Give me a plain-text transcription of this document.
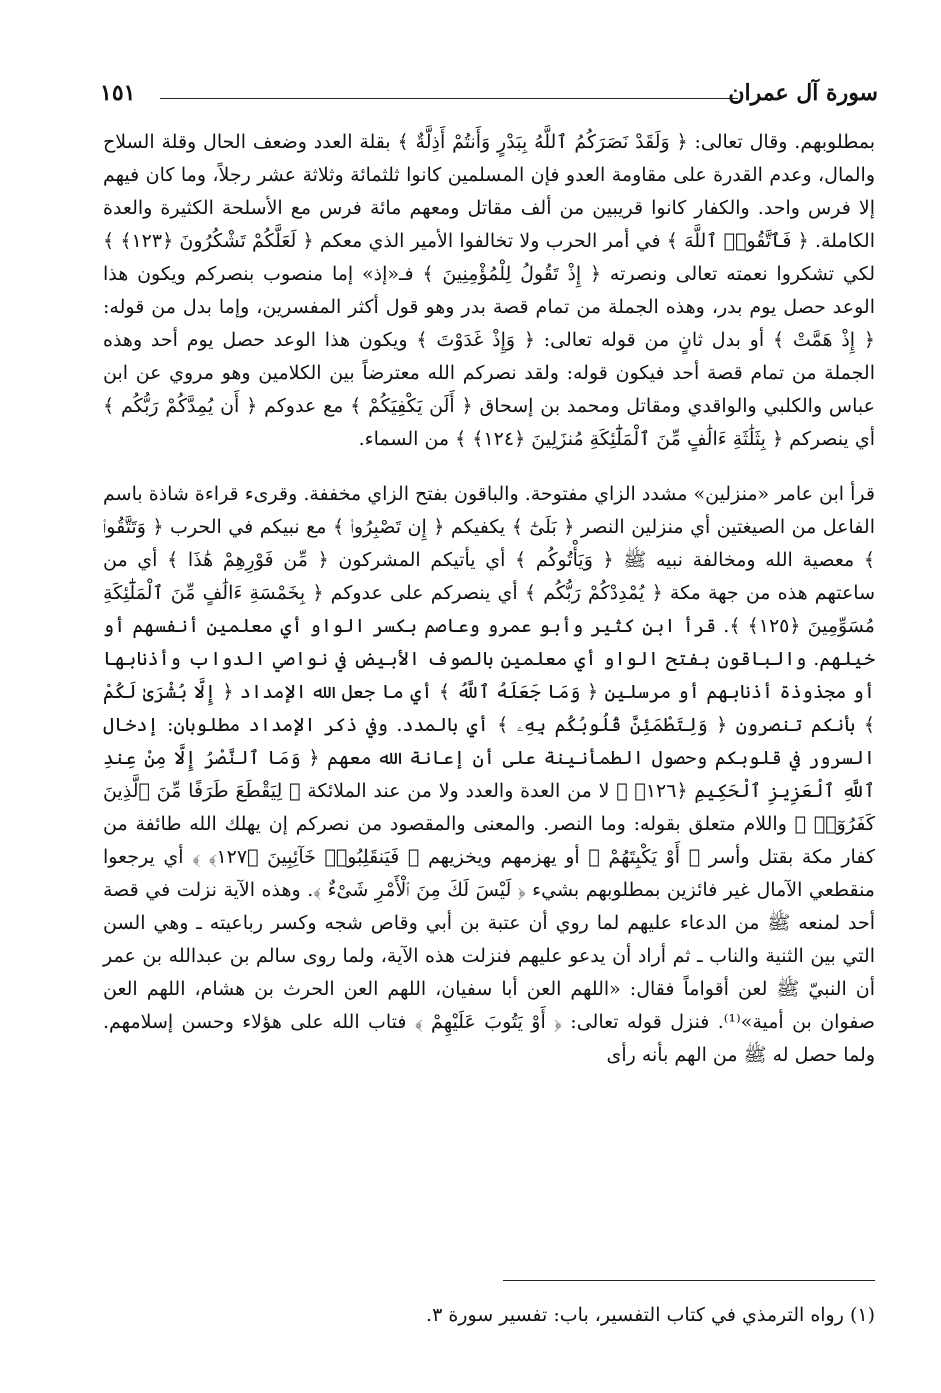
سورة آل عمران
١٥١

بمطلوبهم. وقال تعالى: ﴿ وَلَقَدْ نَصَرَكُمُ ٱللَّهُ بِبَدْرٍ وَأَنتُمْ أَذِلَّةٌ ﴾ بقلة العدد وضعف الحال وقلة السلاح والمال، وعدم القدرة على مقاومة العدو فإن المسلمين كانوا ثلثمائة وثلاثة عشر رجلاً، وما كان فيهم إلا فرس واحد. والكفار كانوا قريبين من ألف مقاتل ومعهم مائة فرس مع الأسلحة الكثيرة والعدة الكاملة. ﴿ فَٱتَّقُوا۟ ٱللَّهَ ﴾ في أمر الحرب ولا تخالفوا الأمير الذي معكم ﴿ لَعَلَّكُمْ تَشْكُرُونَ ﴿١٢٣﴾ ﴾ لكي تشكروا نعمته تعالى ونصرته ﴿ إِذْ تَقُولُ لِلْمُؤْمِنِينَ ﴾ فـ«إذ» إما منصوب بنصركم ويكون هذا الوعد حصل يوم بدر، وهذه الجملة من تمام قصة بدر وهو قول أكثر المفسرين، وإما بدل من قوله: ﴿ إِذْ هَمَّتْ ﴾ أو بدل ثانٍ من قوله تعالى: ﴿ وَإِذْ غَدَوْتَ ﴾ ويكون هذا الوعد حصل يوم أحد وهذه الجملة من تمام قصة أحد فيكون قوله: ولقد نصركم الله معترضاً بين الكلامين وهو مروي عن ابن عباس والكلبي والواقدي ومقاتل ومحمد بن إسحاق ﴿ أَلَن يَكْفِيَكُمْ ﴾ مع عدوكم ﴿ أَن يُمِدَّكُمْ رَبُّكُم ﴾ أي ينصركم ﴿ بِثَلَٰثَةِ ءَالَٰفٍ مِّنَ ٱلْمَلَٰٓئِكَةِ مُنزَلِينَ ﴿١٢٤﴾ ﴾ من السماء.

قرأ ابن عامر «منزلين» مشدد الزاي مفتوحة. والباقون بفتح الزاي مخففة. وقرىء قراءة شاذة باسم الفاعل من الصيغتين أي منزلين النصر ﴿ بَلَىٰٓ ﴾ يكفيكم ﴿ إِن تَصْبِرُوا۟ ﴾ مع نبيكم في الحرب ﴿ وَتَتَّقُوا۟ ﴾ معصية الله ومخالفة نبيه ﷺ ﴿ وَيَأْتُوكُم ﴾ أي يأتيكم المشركون ﴿ مِّن فَوْرِهِمْ هَٰذَا ﴾ أي من ساعتهم هذه من جهة مكة ﴿ يُمْدِدْكُمْ رَبُّكُم ﴾ أي ينصركم على عدوكم ﴿ بِخَمْسَةِ ءَالَٰفٍ مِّنَ ٱلْمَلَٰٓئِكَةِ مُسَوِّمِينَ ﴿١٢٥﴾ ﴾. قرأ ابن كثير وأبو عمرو وعاصم بكسر الواو أي معلمين أنفسهم أو خيلهم. والباقون بفتح الواو أي معلمين بالصوف الأبيض في نواصي الدواب وأذنابها أو مجذوذة أذنابهم أو مرسلين ﴿ وَمَا جَعَلَهُ ٱللَّهُ ﴾ أي ما جعل الله الإمداد ﴿ إِلَّا بُشْرَىٰ لَكُمْ ﴾ بأنكم تنصرون ﴿ وَلِتَطْمَئِنَّ قُلُوبُكُم بِهِۦ ﴾ أي بالمدد. وفي ذكر الإمداد مطلوبان: إدخال السرور في قلوبكم وحصول الطمأنينة على أن إعانة الله معهم ﴿ وَمَا ٱلنَّصْرُ إِلَّا مِنْ عِندِ ٱللَّهِ ٱلْعَزِيزِ ٱلْحَكِيمِ ﴿١٢٦﴾ ﴾ لا من العدة والعدد ولا من عند الملائكة ﴿ لِيَقْطَعَ طَرَفًا مِّنَ ٱلَّذِينَ كَفَرُوٓا۟ ﴾ واللام متعلق بقوله: وما النصر. والمعنى والمقصود من نصركم إن يهلك الله طائفة من كفار مكة بقتل وأسر ﴿ أَوْ يَكْبِتَهُمْ ﴾ أو يهزمهم ويخزيهم ﴿ فَيَنقَلِبُوا۟ خَآئِبِينَ ﴿١٢٧﴾ ﴾ أي يرجعوا منقطعي الآمال غير فائزين بمطلوبهم بشيء ﴿ لَيْسَ لَكَ مِنَ ٱلْأَمْرِ شَىْءٌ ﴾. وهذه الآية نزلت في قصة أحد لمنعه ﷺ من الدعاء عليهم لما روي أن عتبة بن أبي وقاص شجه وكسر رباعيته ـ وهي السن التي بين الثنية والناب ـ ثم أراد أن يدعو عليهم فنزلت هذه الآية، ولما روى سالم بن عبدالله بن عمر أن النبيّ ﷺ لعن أقواماً فقال: «اللهم العن أبا سفيان، اللهم العن الحرث بن هشام، اللهم العن صفوان بن أمية»⁽¹⁾. فنزل قوله تعالى: ﴿ أَوْ يَتُوبَ عَلَيْهِمْ ﴾ فتاب الله على هؤلاء وحسن إسلامهم. ولما حصل له ﷺ من الهم بأنه رأى

(١) رواه الترمذي في كتاب التفسير، باب: تفسير سورة ٣.
